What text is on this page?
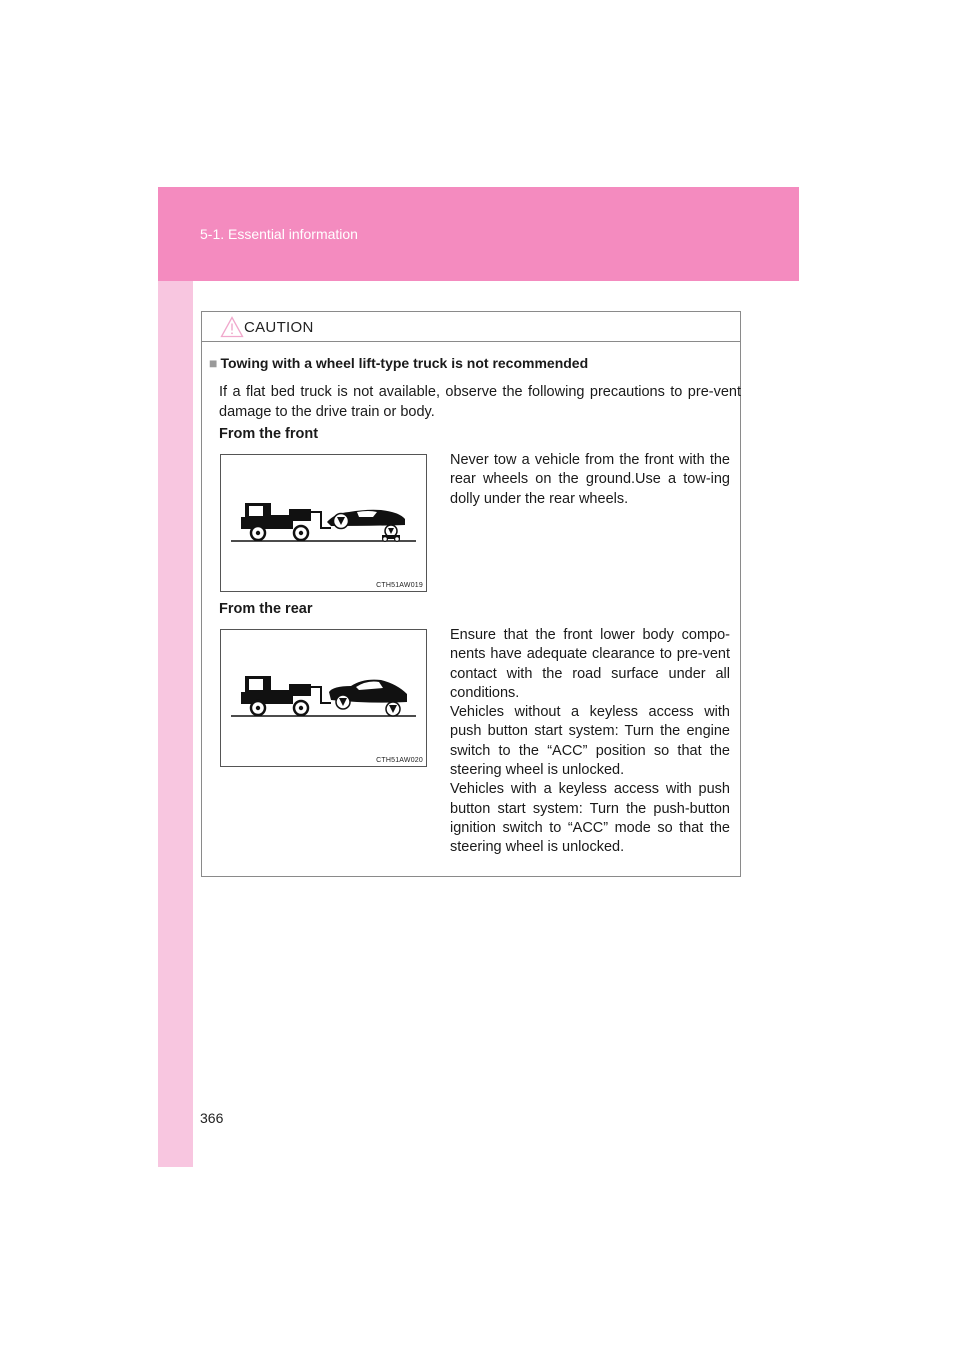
5-1. Essential information
CAUTION
■ Towing with a wheel lift-type truck is not recommended
If a flat bed truck is not available, observe the following precautions to pre-vent damage to the drive train or body.
From the front
CTH51AW019
Never tow a vehicle from the front with the rear wheels on the ground.Use a tow-ing dolly under the rear wheels.
From the rear
CTH51AW020

Ensure that the front lower body compo-nents have adequate clearance to pre-vent contact with the road surface under all conditions.

Vehicles without a keyless access with push button start system: Turn the engine switch to the “ACC” position so that the steering wheel is unlocked.

Vehicles with a keyless access with push button start system: Turn the push-button ignition switch to “ACC” mode so that the steering wheel is unlocked.

366
